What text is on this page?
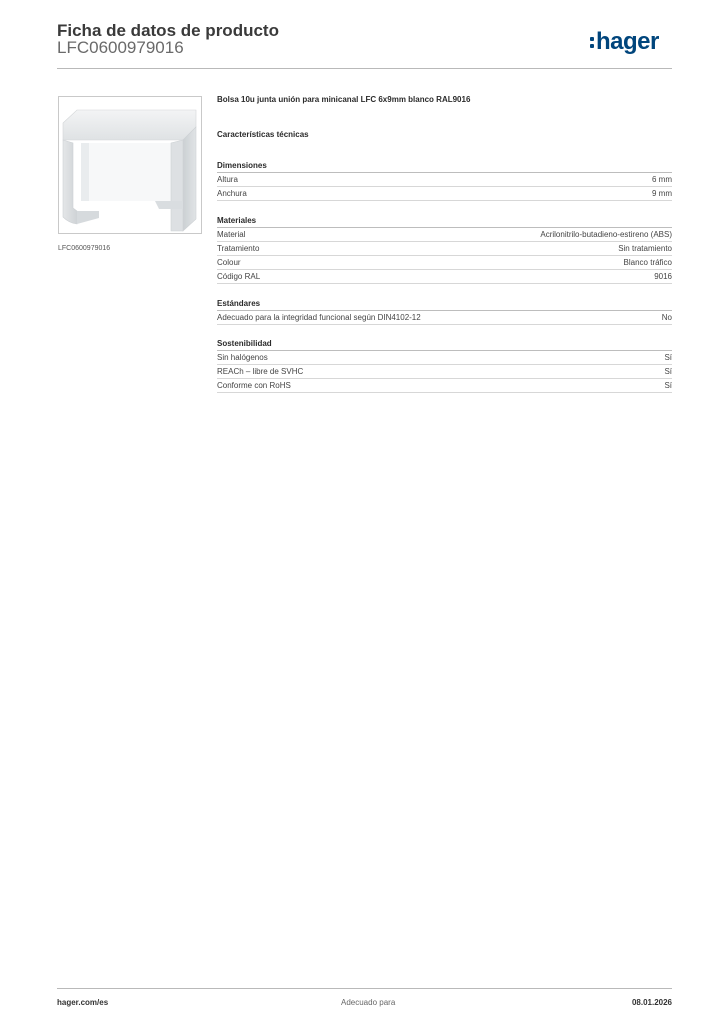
Ficha de datos de producto
LFC0600979016	hager
LFC0600979016
Bolsa 10u junta unión para minicanal LFC 6x9mm blanco RAL9016
Características técnicas
Dimensiones
Altura	6 mm
Anchura	9 mm
Materiales
Material	Acrilonitrilo-butadieno-estireno (ABS)
Tratamiento	Sin tratamiento
Colour	Blanco tráfico
Código RAL	9016
Estándares
Adecuado para la integridad funcional según DIN4102-12	No
Sostenibilidad
Sin halógenos	Sí
REACh – libre de SVHC	Sí
Conforme con RoHS	Sí
hager.com/es	Adecuado para	08.01.2026
